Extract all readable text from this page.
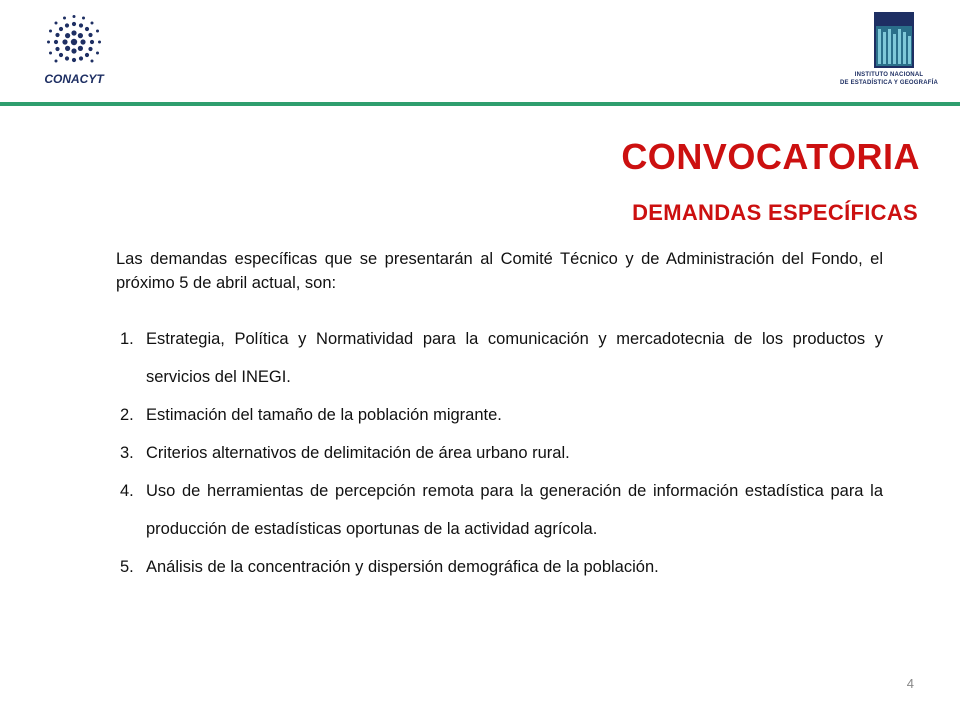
CONACYT	INSTITUTO NACIONAL
DE ESTADÍSTICA Y GEOGRAFÍA
CONVOCATORIA
DEMANDAS ESPECÍFICAS
Las demandas específicas que se presentarán al Comité Técnico y de Administración del Fondo, el próximo 5 de abril actual, son:
1. Estrategia, Política y Normatividad para la comunicación y mercadotecnia de los productos y servicios del INEGI.
2. Estimación del tamaño de la población migrante.
3. Criterios alternativos de delimitación de área urbano rural.
4. Uso de herramientas de percepción remota para la generación de información estadística para la producción de estadísticas oportunas de la actividad agrícola.
5. Análisis de la concentración y dispersión demográfica de la población.
4
